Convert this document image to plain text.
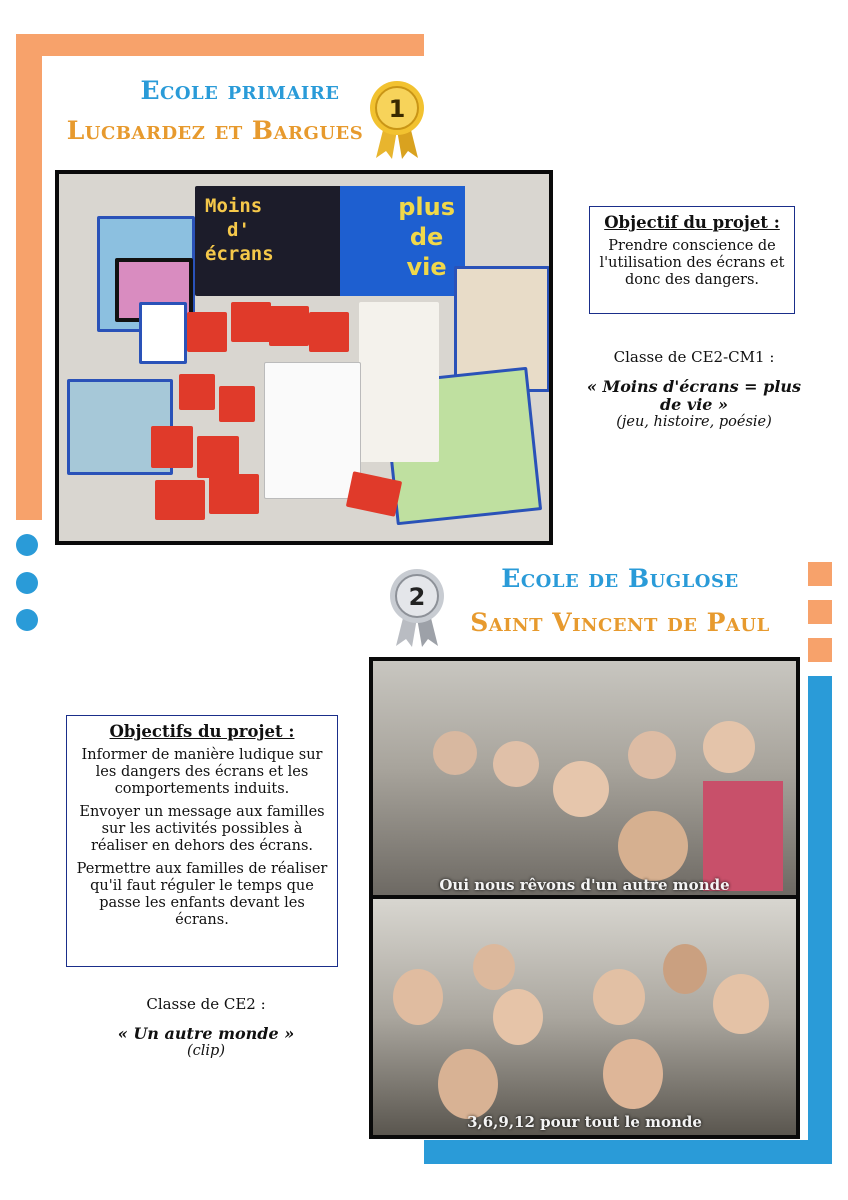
Ecole primaire
Lucbardez et Bargues
1
Moins
d'
écrans
plus
de
vie
Objectif du projet :
Prendre conscience de l'utilisation des écrans et donc des dangers.
Classe de CE2-CM1 :
« Moins d'écrans = plus de vie »
(jeu, histoire, poésie)
2
Ecole de Buglose
Saint Vincent de Paul
Objectifs du projet :
Informer de manière ludique sur les dangers des écrans et les comportements induits.
Envoyer un message aux familles sur les activités possibles à réaliser en dehors des écrans.
Permettre aux familles de réaliser qu'il faut réguler le temps que passe les enfants devant les écrans.
Classe de CE2 :
« Un autre monde »
(clip)
Oui nous rêvons d'un autre monde
3,6,9,12 pour tout le monde
